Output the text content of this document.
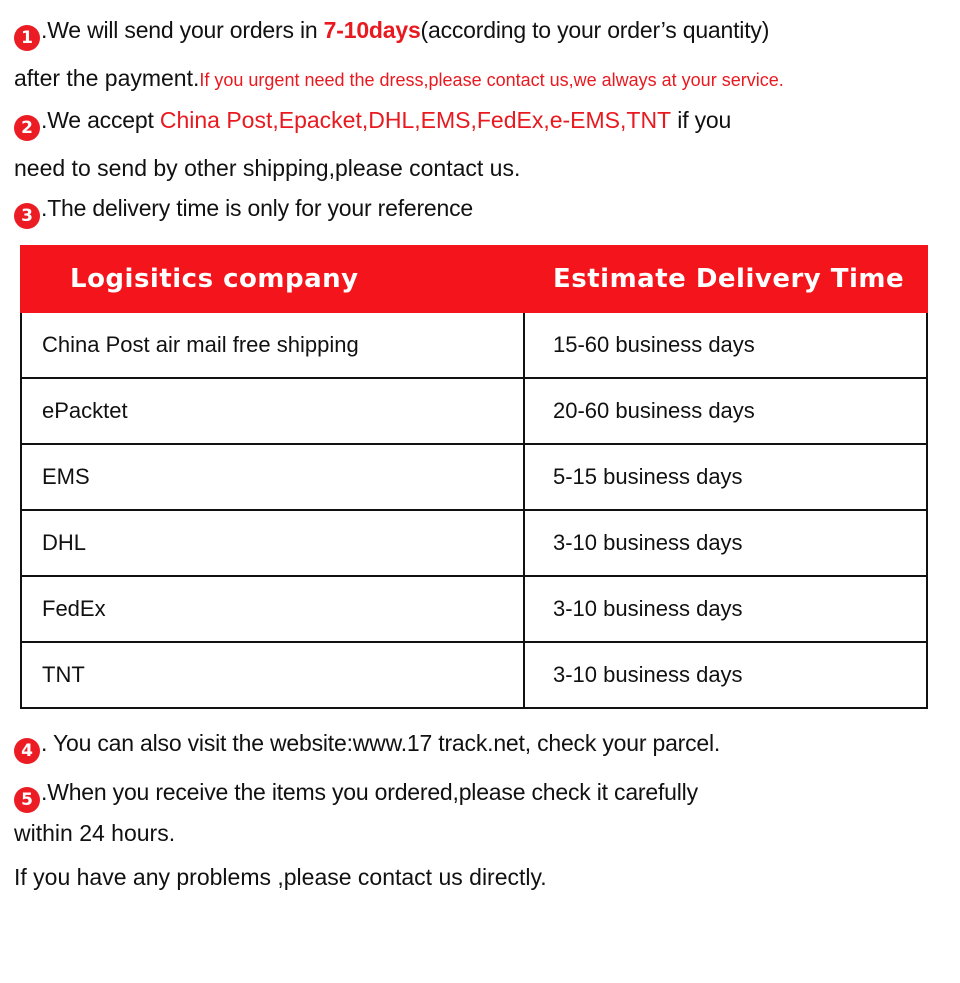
1 .We will send your orders in 7-10days(according to your order’s quantity)

after the payment.If you urgent need the dress,please contact us,we always at your service.

2 .We accept China Post,Epacket,DHL,EMS,FedEx,e-EMS,TNT if you

need to send by other shipping,please contact us.

3 .The delivery time is only for your reference

Logisitics company	Estimate Delivery Time
China Post air mail free shipping	15-60 business days
ePacktet	20-60 business days
EMS	5-15 business days
DHL	3-10 business days
FedEx	3-10 business days
TNT	3-10 business days

4 . You can also visit the website:www.17 track.net, check your parcel.

5 .When you receive the items you ordered,please check it carefully

within 24 hours.

If you have any problems ,please contact us directly.
